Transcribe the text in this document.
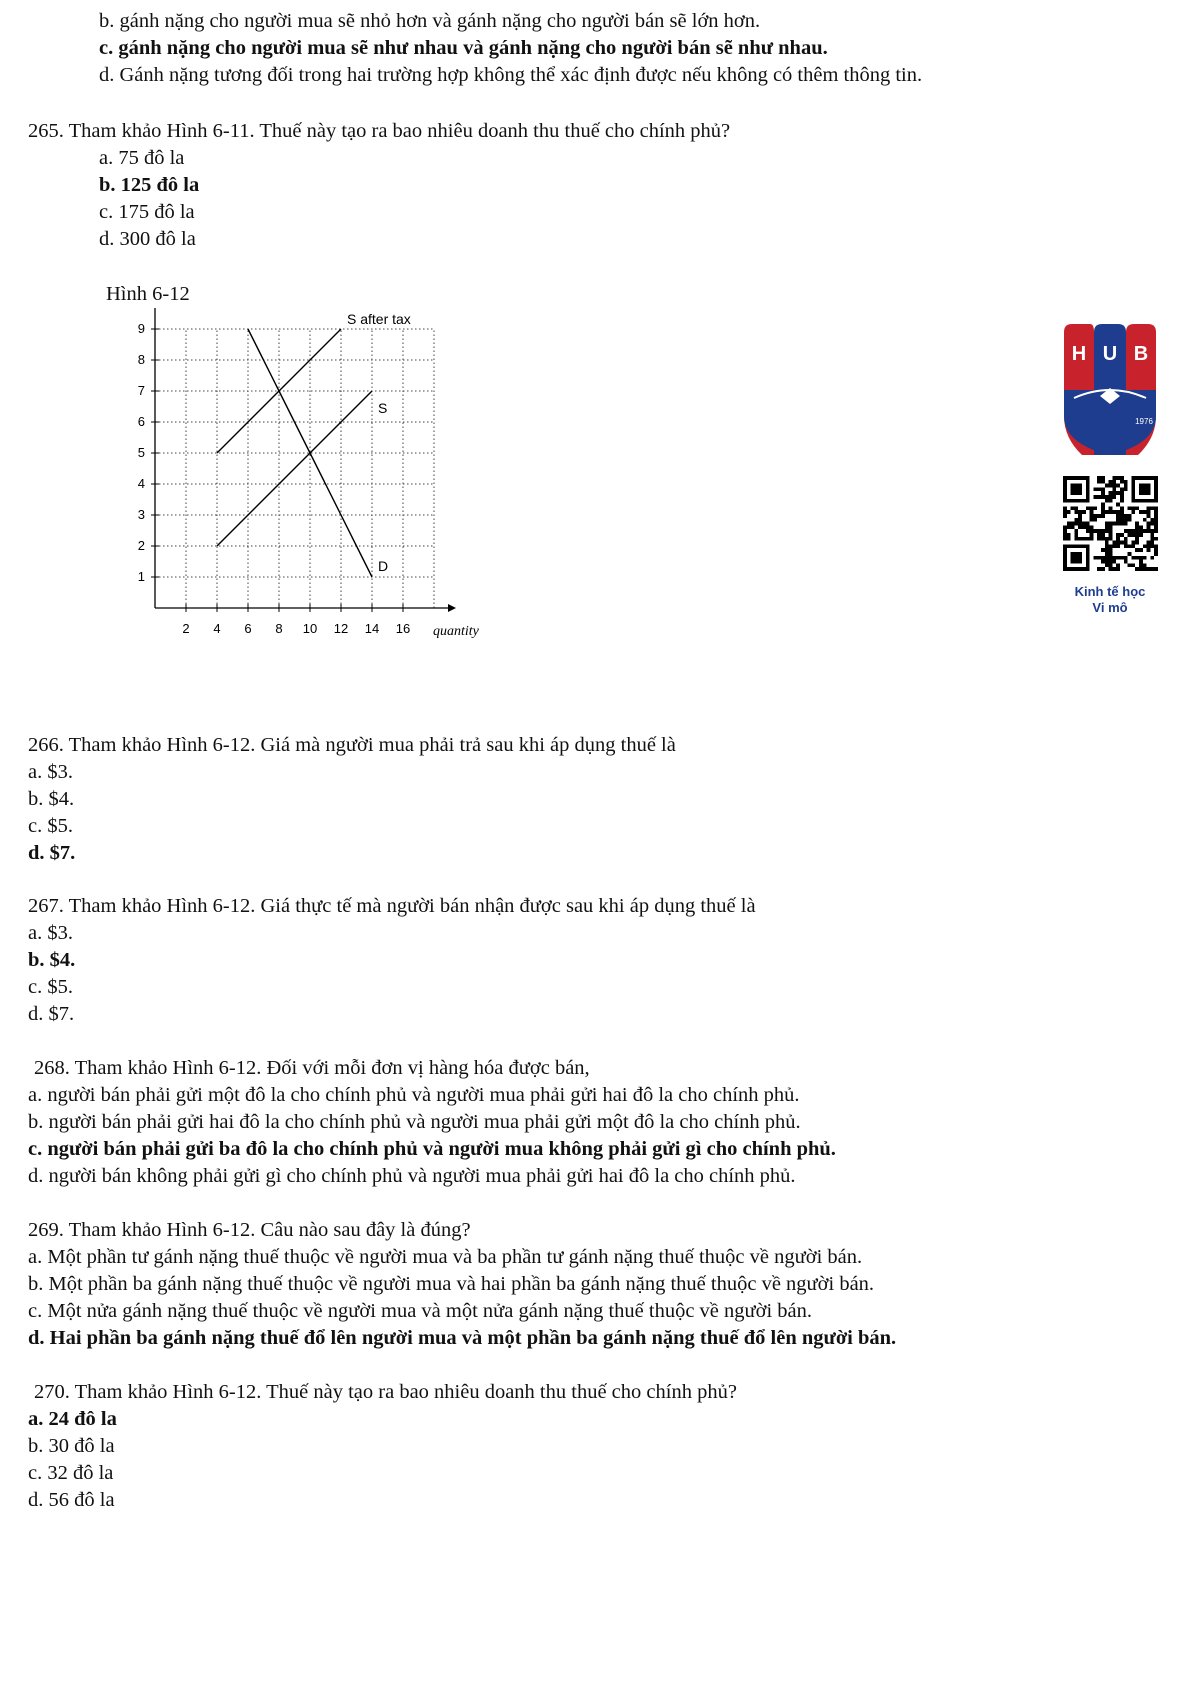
b. gánh nặng cho người mua sẽ nhỏ hơn và gánh nặng cho người bán sẽ lớn hơn.
c. gánh nặng cho người mua sẽ như nhau và gánh nặng cho người bán sẽ như nhau.
d. Gánh nặng tương đối trong hai trường hợp không thể xác định được nếu không có thêm thông tin.
265. Tham khảo Hình 6-11. Thuế này tạo ra bao nhiêu doanh thu thuế cho chính phủ?
a. 75 đô la
b. 125 đô la
c. 175 đô la
d. 300 đô la
266. Tham khảo Hình 6-12. Giá mà người mua phải trả sau khi áp dụng thuế là
a. $3.
b. $4.
c. $5.
d. $7.
267. Tham khảo Hình 6-12. Giá thực tế mà người bán nhận được sau khi áp dụng thuế là
a. $3.
b. $4.
c. $5.
d. $7.
268. Tham khảo Hình 6-12. Đối với mỗi đơn vị hàng hóa được bán,
a. người bán phải gửi một đô la cho chính phủ và người mua phải gửi hai đô la cho chính phủ.
b. người bán phải gửi hai đô la cho chính phủ và người mua phải gửi một đô la cho chính phủ.
c. người bán phải gửi ba đô la cho chính phủ và người mua không phải gửi gì cho chính phủ.
d. người bán không phải gửi gì cho chính phủ và người mua phải gửi hai đô la cho chính phủ.
269. Tham khảo Hình 6-12. Câu nào sau đây là đúng?
a. Một phần tư gánh nặng thuế thuộc về người mua và ba phần tư gánh nặng thuế thuộc về người bán.
b. Một phần ba gánh nặng thuế thuộc về người mua và hai phần ba gánh nặng thuế thuộc về người bán.
c. Một nửa gánh nặng thuế thuộc về người mua và một nửa gánh nặng thuế thuộc về người bán.
d. Hai phần ba gánh nặng thuế đổ lên người mua và một phần ba gánh nặng thuế đổ lên người bán.
270. Tham khảo Hình 6-12. Thuế này tạo ra bao nhiêu doanh thu thuế cho chính phủ?
a. 24 đô la
b. 30 đô la
c. 32 đô la
d. 56 đô la
Hình 6-12
2 4 6 8 10 12 14 16
1
2
3
4
5
6
7
8
9
quantity
S after tax
S
D
H U B
1976
Kinh tế học
Vi mô
